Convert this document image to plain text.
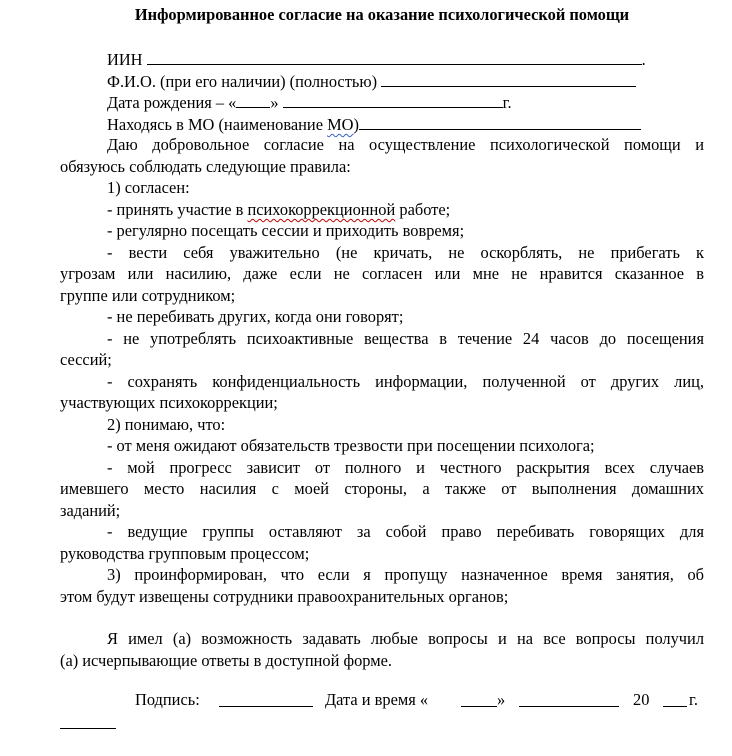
Информированное согласие на оказание психологической помощи
ИИН	.
Ф.И.О. (при его наличии) (полностью)
Дата рождения – « »	г.
Находясь в МО (наименование МО)
Даю добровольное согласие на осуществление психологической помощи и
обязуюсь соблюдать следующие правила:
1) согласен:
- принять участие в психокоррекционной работе;
- регулярно посещать сессии и приходить вовремя;
- вести себя уважительно (не кричать, не оскорблять, не прибегать к
угрозам или насилию, даже если не согласен или мне не нравится сказанное в
группе или сотрудником;
- не перебивать других, когда они говорят;
- не употреблять психоактивные вещества в течение 24 часов до посещения
сессий;
- сохранять конфиденциальность информации, полученной от других лиц,
участвующих психокоррекции;
2) понимаю, что:
- от меня ожидают обязательств трезвости при посещении психолога;
- мой прогресс зависит от полного и честного раскрытия всех случаев
имевшего место насилия с моей стороны, а также от выполнения домашних
заданий;
- ведущие группы оставляют за собой право перебивать говорящих для
руководства групповым процессом;
3) проинформирован, что если я пропущу назначенное время занятия, об
этом будут извещены сотрудники правоохранительных органов;
Я имел (а) возможность задавать любые вопросы и на все вопросы получил
(а) исчерпывающие ответы в доступной форме.
Подпись:	Дата и время «	»	20 г.
